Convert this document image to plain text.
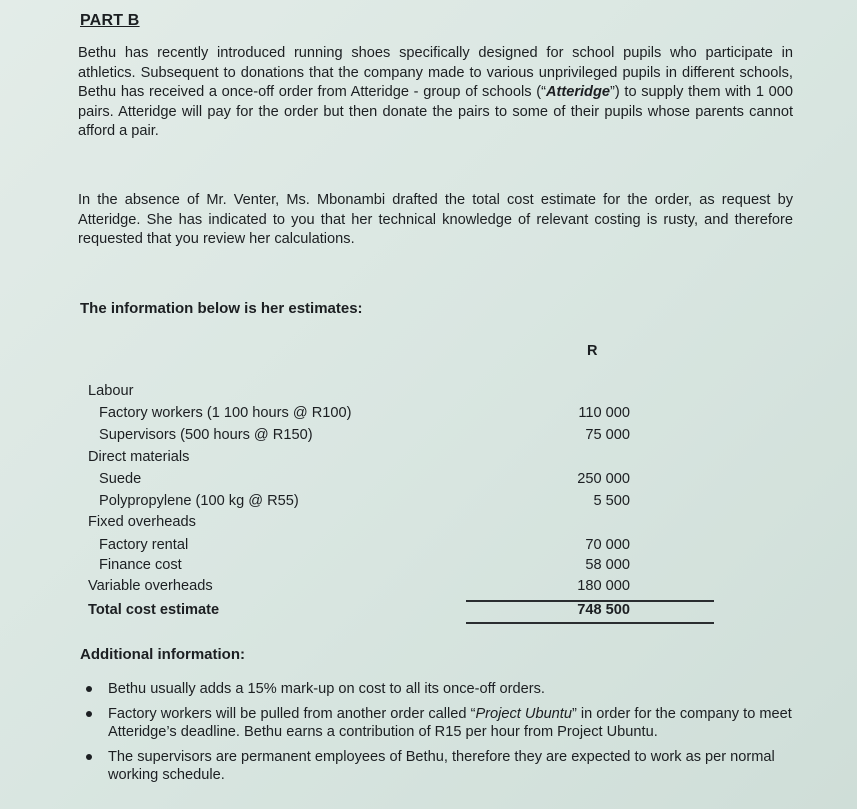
PART B

Bethu has recently introduced running shoes specifically designed for school pupils who participate in athletics. Subsequent to donations that the company made to various unprivileged pupils in different schools, Bethu has received a once-off order from Atteridge - group of schools (“Atteridge”) to supply them with 1 000 pairs. Atteridge will pay for the order but then donate the pairs to some of their pupils whose parents cannot afford a pair.

In the absence of Mr. Venter, Ms. Mbonambi drafted the total cost estimate for the order, as request by Atteridge. She has indicated to you that her technical knowledge of relevant costing is rusty, and therefore requested that you review her calculations.

The information below is her estimates:
R
Labour
Factory workers (1 100 hours @ R100)	110 000
Supervisors (500 hours @ R150)	75 000
Direct materials
Suede	250 000
Polypropylene (100 kg @ R55)	5 500
Fixed overheads
Factory rental	70 000
Finance cost	58 000
Variable overheads	180 000
Total cost estimate	748 500
Additional information:
Bethu usually adds a 15% mark-up on cost to all its once-off orders.
Factory workers will be pulled from another order called “Project Ubuntu” in order for the company to meet Atteridge’s deadline. Bethu earns a contribution of R15 per hour from Project Ubuntu.
The supervisors are permanent employees of Bethu, therefore they are expected to work as per normal working schedule.
